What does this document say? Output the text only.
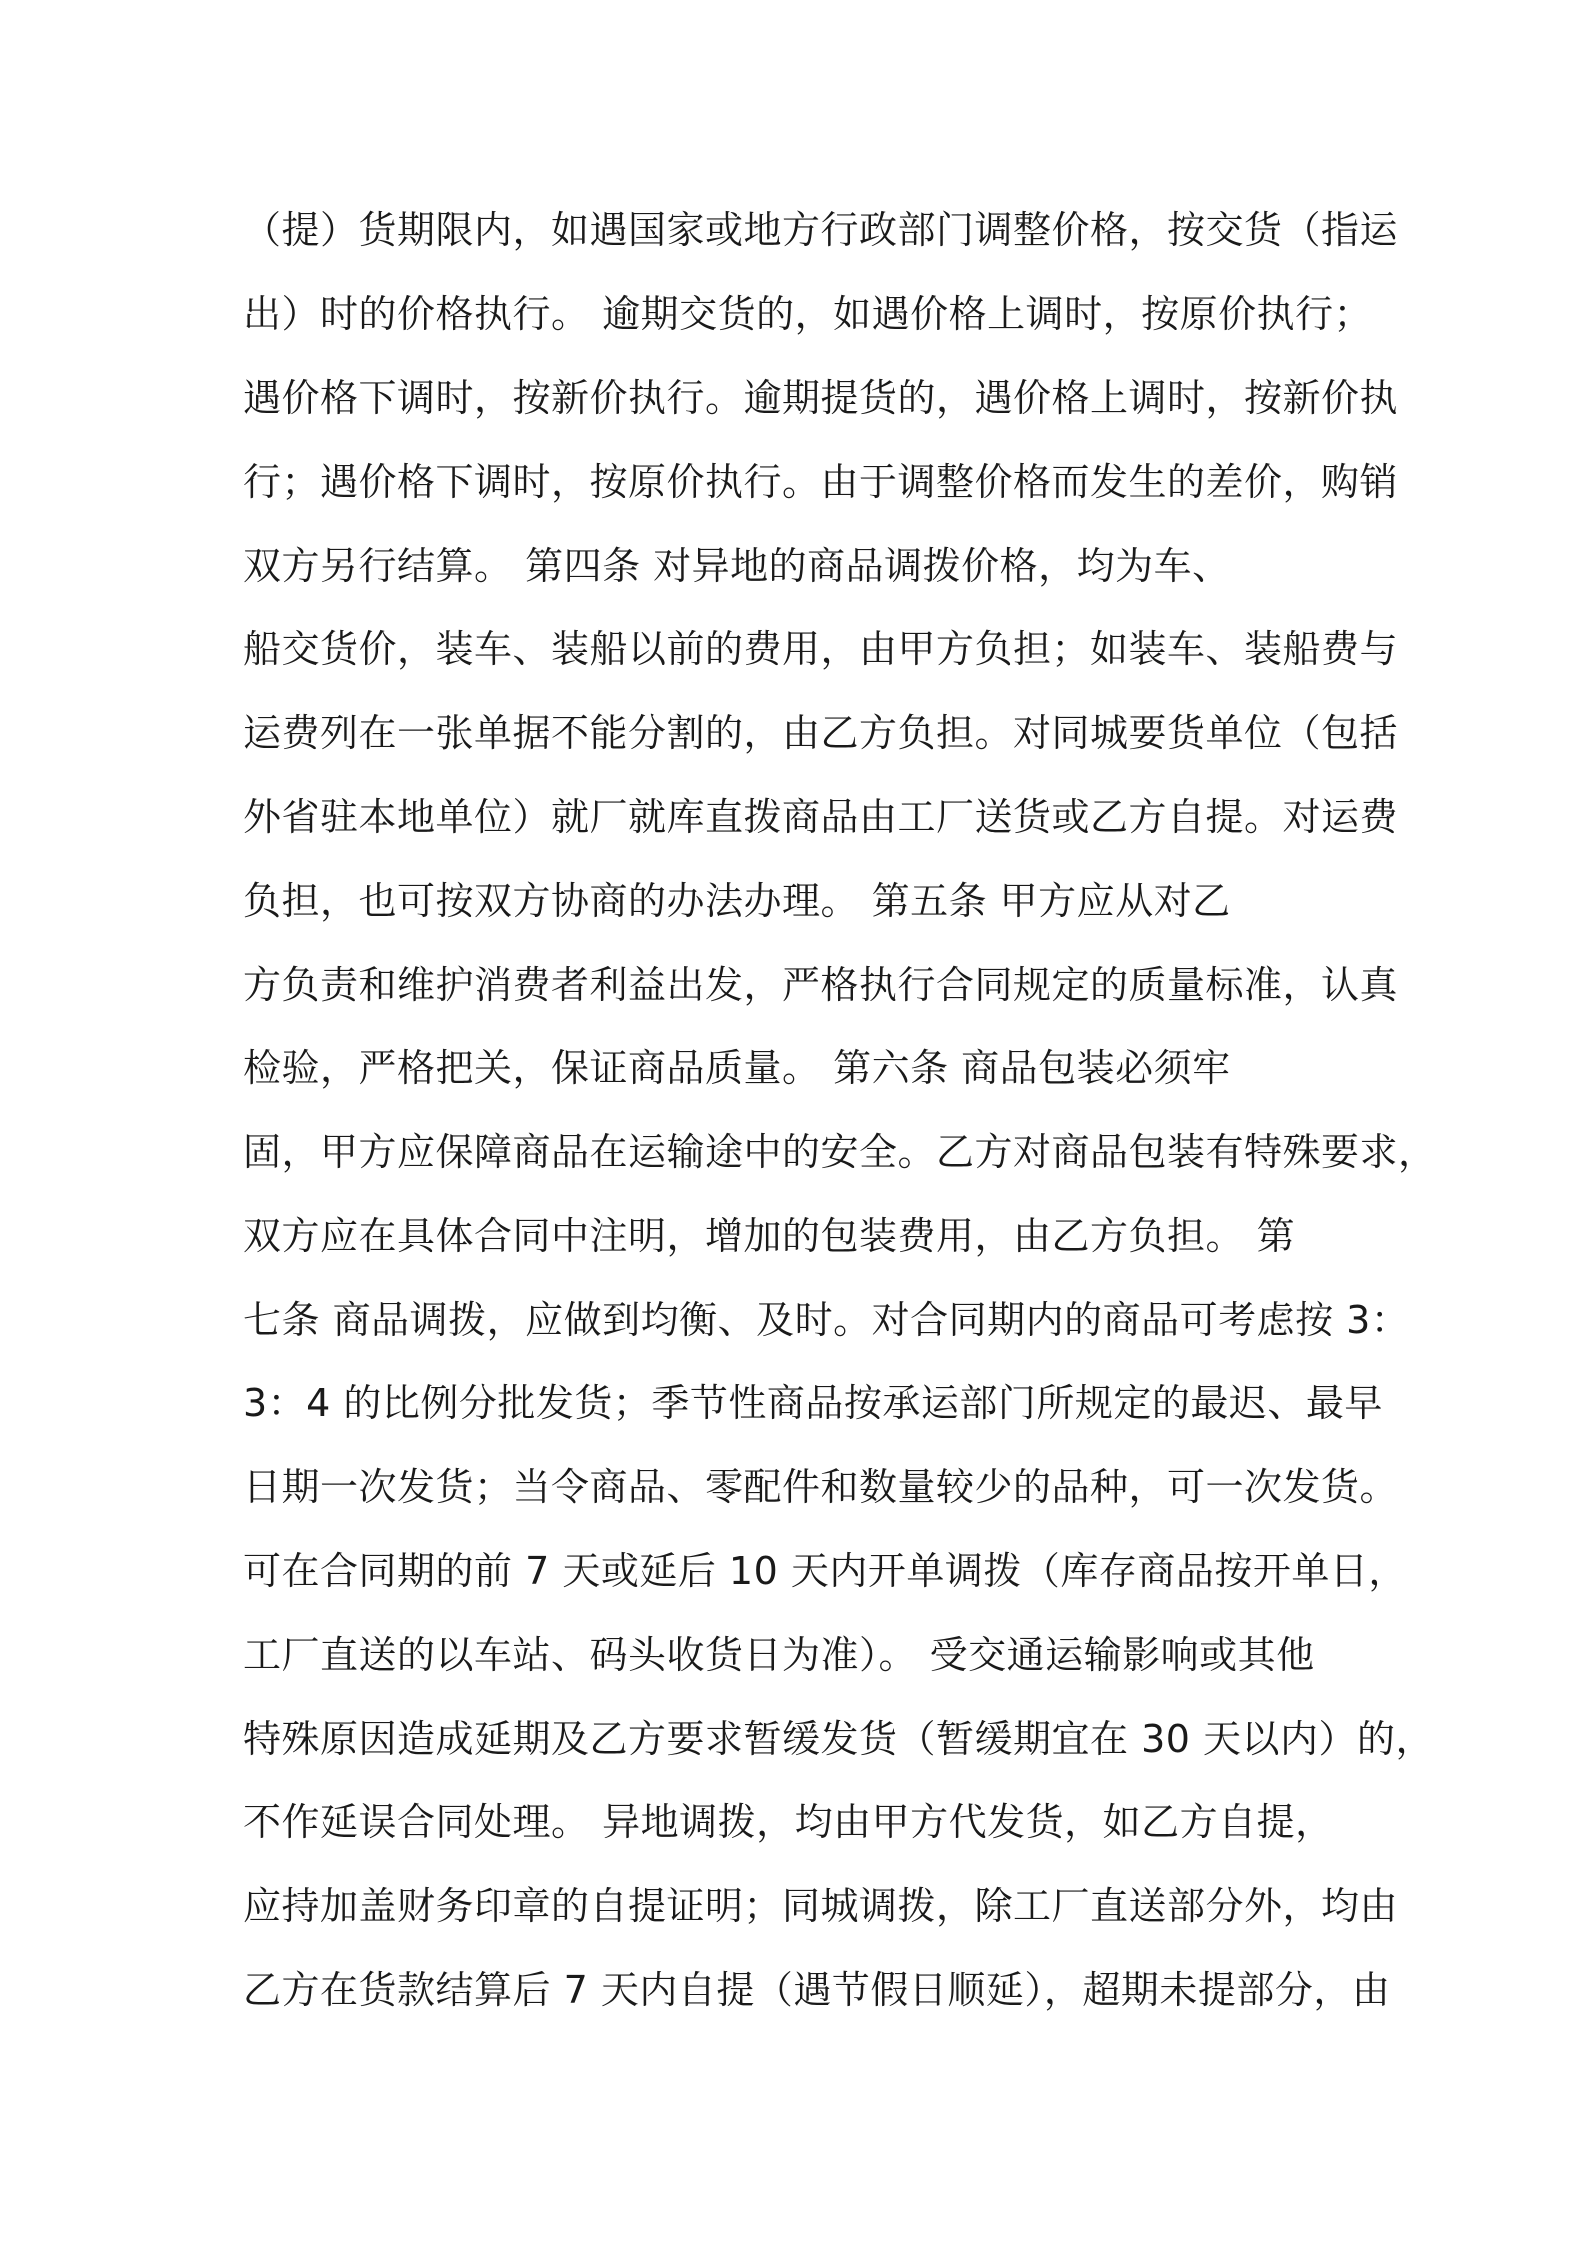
（提）货期限内，如遇国家或地方行政部门调整价格，按交货（指运

出）时的价格执行。 逾期交货的，如遇价格上调时，按原价执行；

遇价格下调时，按新价执行。逾期提货的，遇价格上调时，按新价执

行；遇价格下调时，按原价执行。由于调整价格而发生的差价，购销

双方另行结算。 第四条 对异地的商品调拨价格，均为车、

船交货价，装车、装船以前的费用，由甲方负担；如装车、装船费与

运费列在一张单据不能分割的，由乙方负担。对同城要货单位（包括

外省驻本地单位）就厂就库直拨商品由工厂送货或乙方自提。对运费

负担，也可按双方协商的办法办理。 第五条 甲方应从对乙

方负责和维护消费者利益出发，严格执行合同规定的质量标准，认真

检验，严格把关，保证商品质量。 第六条 商品包装必须牢

固，甲方应保障商品在运输途中的安全。乙方对商品包装有特殊要求，

双方应在具体合同中注明，增加的包装费用，由乙方负担。 第

七条 商品调拨，应做到均衡、及时。对合同期内的商品可考虑按 3：

3：4 的比例分批发货；季节性商品按承运部门所规定的最迟、最早

日期一次发货；当令商品、零配件和数量较少的品种，可一次发货。

可在合同期的前 7 天或延后 10 天内开单调拨（库存商品按开单日，

工厂直送的以车站、码头收货日为准）。 受交通运输影响或其他

特殊原因造成延期及乙方要求暂缓发货（暂缓期宜在 30 天以内）的，

不作延误合同处理。 异地调拨，均由甲方代发货，如乙方自提，

应持加盖财务印章的自提证明；同城调拨，除工厂直送部分外，均由

乙方在货款结算后 7 天内自提（遇节假日顺延），超期未提部分，由
